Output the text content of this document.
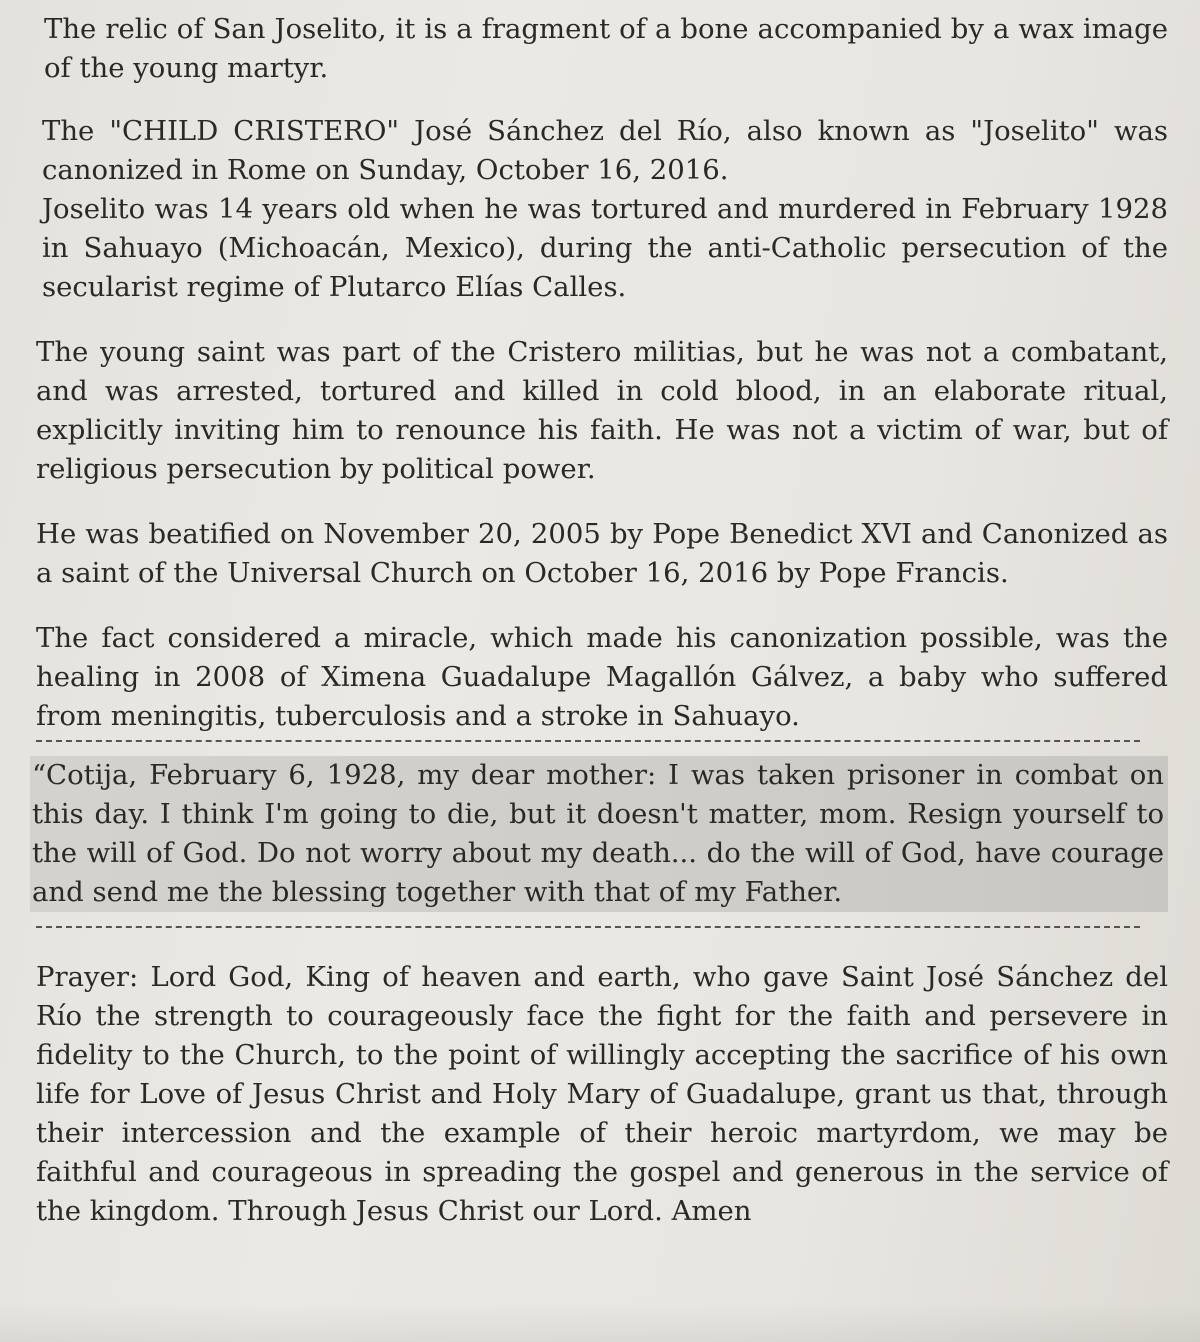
The relic of San Joselito, it is a fragment of a bone accompanied by a wax image of the young martyr.

The "CHILD CRISTERO" José Sánchez del Río, also known as "Joselito" was canonized in Rome on Sunday, October 16, 2016.

Joselito was 14 years old when he was tortured and murdered in February 1928 in Sahuayo (Michoacán, Mexico), during the anti-Catholic persecution of the secularist regime of Plutarco Elías Calles.

The young saint was part of the Cristero militias, but he was not a combatant, and was arrested, tortured and killed in cold blood, in an elaborate ritual, explicitly inviting him to renounce his faith. He was not a victim of war, but of religious persecution by political power.

He was beatified on November 20, 2005 by Pope Benedict XVI and Canonized as a saint of the Universal Church on October 16, 2016 by Pope Francis.

The fact considered a miracle, which made his canonization possible, was the healing in 2008 of Ximena Guadalupe Magallón Gálvez, a baby who suffered from meningitis, tuberculosis and a stroke in Sahuayo.

“Cotija, February 6, 1928, my dear mother: I was taken prisoner in combat on this day. I think I'm going to die, but it doesn't matter, mom. Resign yourself to the will of God. Do not worry about my death... do the will of God, have courage and send me the blessing together with that of my Father.

Prayer: Lord God, King of heaven and earth, who gave Saint José Sánchez del Río the strength to courageously face the fight for the faith and persevere in fidelity to the Church, to the point of willingly accepting the sacrifice of his own life for Love of Jesus Christ and Holy Mary of Guadalupe, grant us that, through their intercession and the example of their heroic martyrdom, we may be faithful and courageous in spreading the gospel and generous in the service of the kingdom. Through Jesus Christ our Lord. Amen
